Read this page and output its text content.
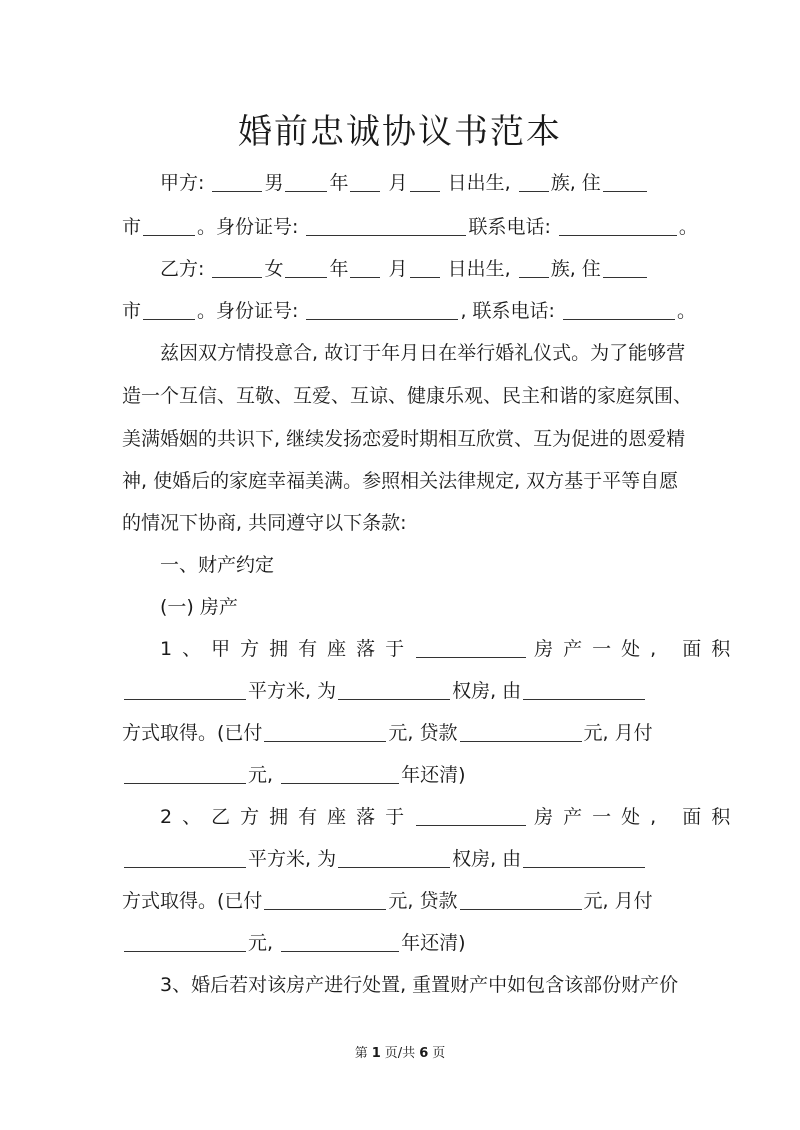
婚前忠诚协议书范本
甲方:	男 年 月 日出生, 族, 住
市	。身份证号:	联系电话:	。
乙方:	女 年 月 日出生, 族, 住
市	。身份证号:	, 联系电话:	。
兹因双方情投意合, 故订于年月日在举行婚礼仪式。为了能够营
造一个互信、互敬、互爱、互谅、健康乐观、民主和谐的家庭氛围、
美满婚姻的共识下, 继续发扬恋爱时期相互欣赏、互为促进的恩爱精
神, 使婚后的家庭幸福美满。参照相关法律规定, 双方基于平等自愿
的情况下协商, 共同遵守以下条款:
一、财产约定
(一) 房产
1、甲方拥有座落于	房产一处, 面积
平方米, 为	权房, 由
方式取得。(已付	元, 贷款	元, 月付
元,	年还清)
2、乙方拥有座落于	房产一处, 面积
平方米, 为	权房, 由
方式取得。(已付	元, 贷款	元, 月付
元,	年还清)
3、婚后若对该房产进行处置, 重置财产中如包含该部份财产价
第 1 页/共 6 页
